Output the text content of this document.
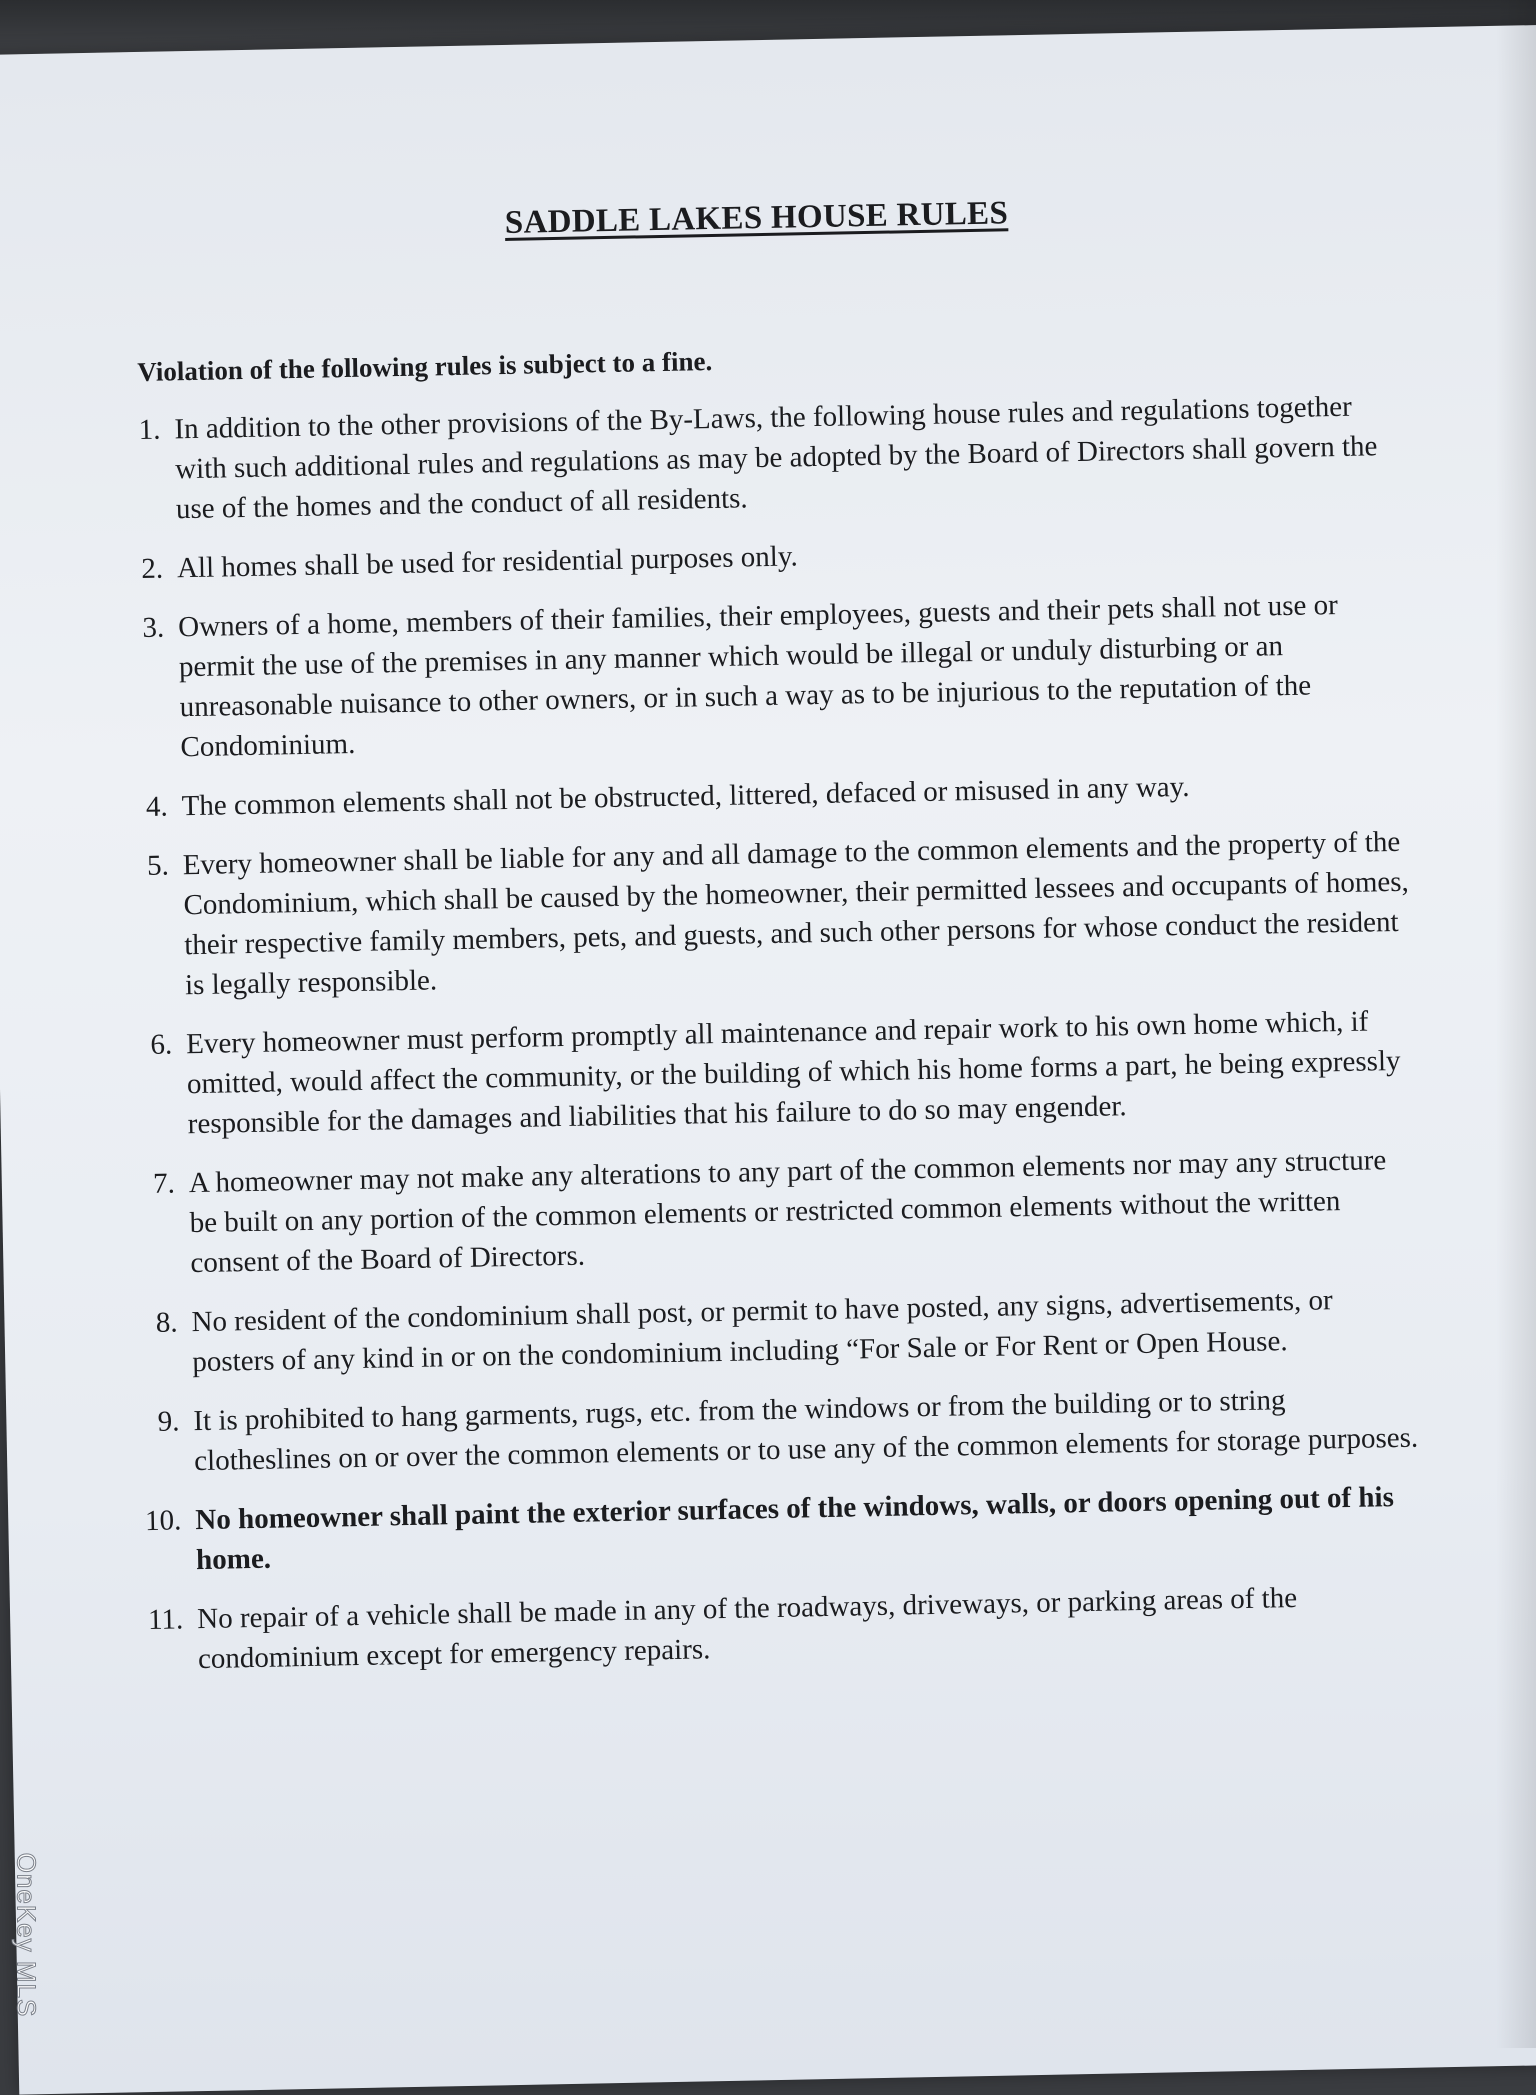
SADDLE LAKES HOUSE RULES
Violation of the following rules is subject to a fine.
1. In addition to the other provisions of the By-Laws, the following house rules and regulations together with such additional rules and regulations as may be adopted by the Board of Directors shall govern the use of the homes and the conduct of all residents.
2. All homes shall be used for residential purposes only.
3. Owners of a home, members of their families, their employees, guests and their pets shall not use or permit the use of the premises in any manner which would be illegal or unduly disturbing or an unreasonable nuisance to other owners, or in such a way as to be injurious to the reputation of the Condominium.
4. The common elements shall not be obstructed, littered, defaced or misused in any way.
5. Every homeowner shall be liable for any and all damage to the common elements and the property of the Condominium, which shall be caused by the homeowner, their permitted lessees and occupants of homes, their respective family members, pets, and guests, and such other persons for whose conduct the resident is legally responsible.
6. Every homeowner must perform promptly all maintenance and repair work to his own home which, if omitted, would affect the community, or the building of which his home forms a part, he being expressly responsible for the damages and liabilities that his failure to do so may engender.
7. A homeowner may not make any alterations to any part of the common elements nor may any structure be built on any portion of the common elements or restricted common elements without the written consent of the Board of Directors.
8. No resident of the condominium shall post, or permit to have posted, any signs, advertisements, or posters of any kind in or on the condominium including “For Sale or For Rent or Open House.
9. It is prohibited to hang garments, rugs, etc. from the windows or from the building or to string clotheslines on or over the common elements or to use any of the common elements for storage purposes.
10. No homeowner shall paint the exterior surfaces of the windows, walls, or doors opening out of his home.
11. No repair of a vehicle shall be made in any of the roadways, driveways, or parking areas of the condominium except for emergency repairs.
OneKey MLS
